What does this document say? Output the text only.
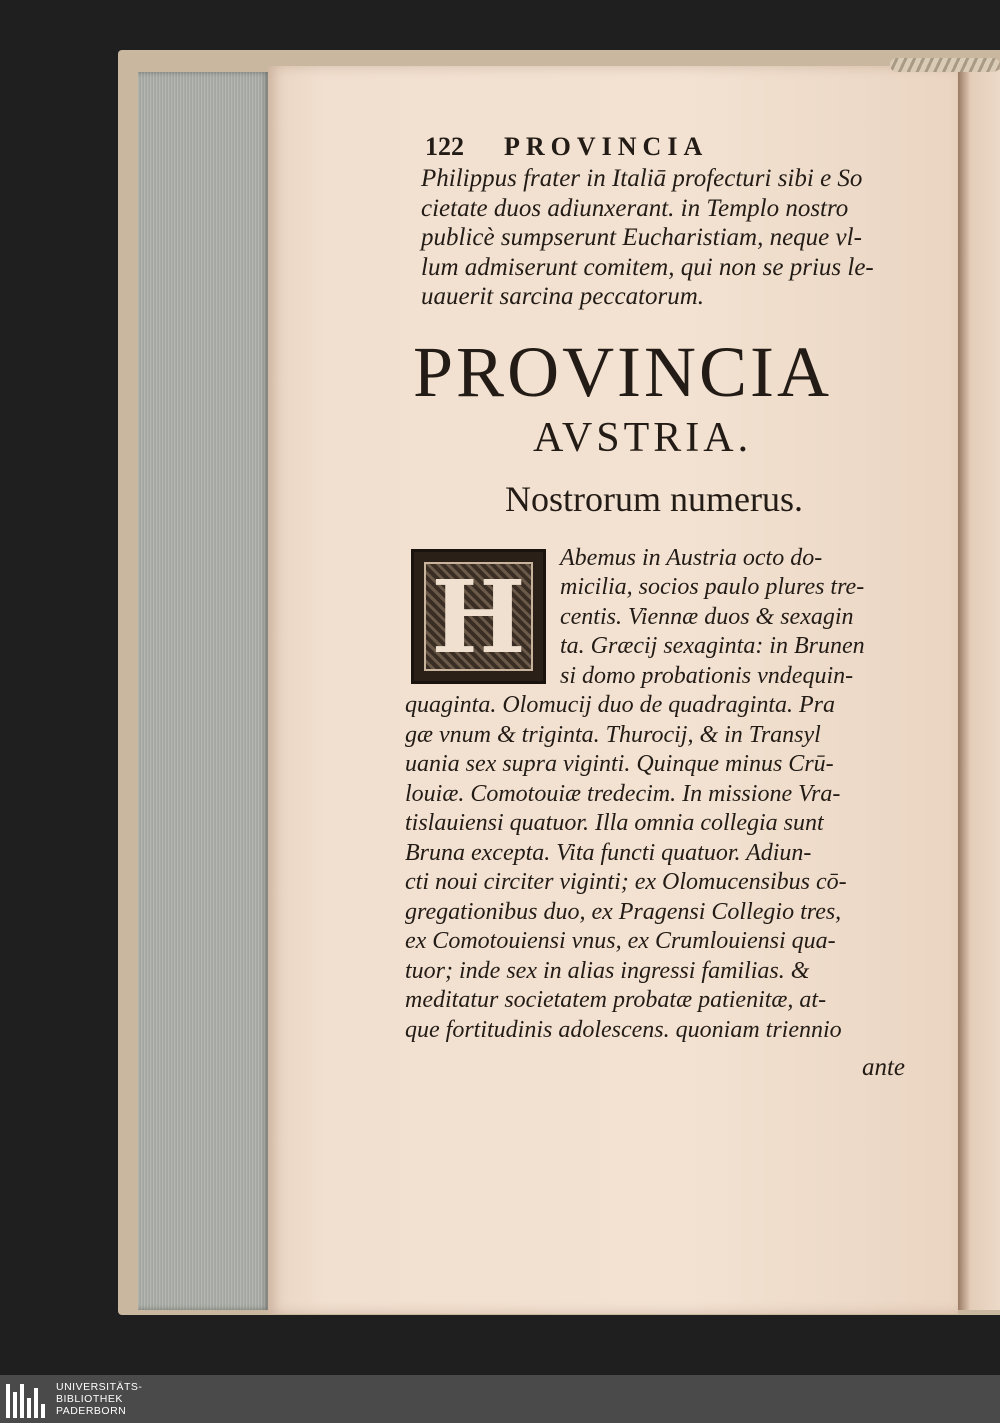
122 PROVINCIA
Philippus frater in Italiā profecturi sibi e So
cietate duos adiunxerant. in Templo nostro
publicè sumpserunt Eucharistiam, neque vl-
lum admiserunt comitem, qui non se prius le-
uauerit sarcina peccatorum.
PROVINCIA
AVSTRIA.
Nostrorum numerus.
H	Abemus in Austria octo do-
micilia, socios paulo plures tre-
centis. Viennæ duos & sexagin
ta. Græcij sexaginta: in Brunen
si domo probationis vndequin-
quaginta. Olomucij duo de quadraginta. Pra
gæ vnum & triginta. Thurocij, & in Transyl
uania sex supra viginti. Quinque minus Crū-
louiæ. Comotouiæ tredecim. In missione Vra-
tislauiensi quatuor. Illa omnia collegia sunt
Bruna excepta. Vita functi quatuor. Adiun-
cti noui circiter viginti; ex Olomucensibus cō-
gregationibus duo, ex Pragensi Collegio tres,
ex Comotouiensi vnus, ex Crumlouiensi qua-
tuor; inde sex in alias ingressi familias. &
meditatur societatem probatæ patienitæ, at-
que fortitudinis adolescens. quoniam triennio
ante
UNIVERSITÄTS-
BIBLIOTHEK
PADERBORN
